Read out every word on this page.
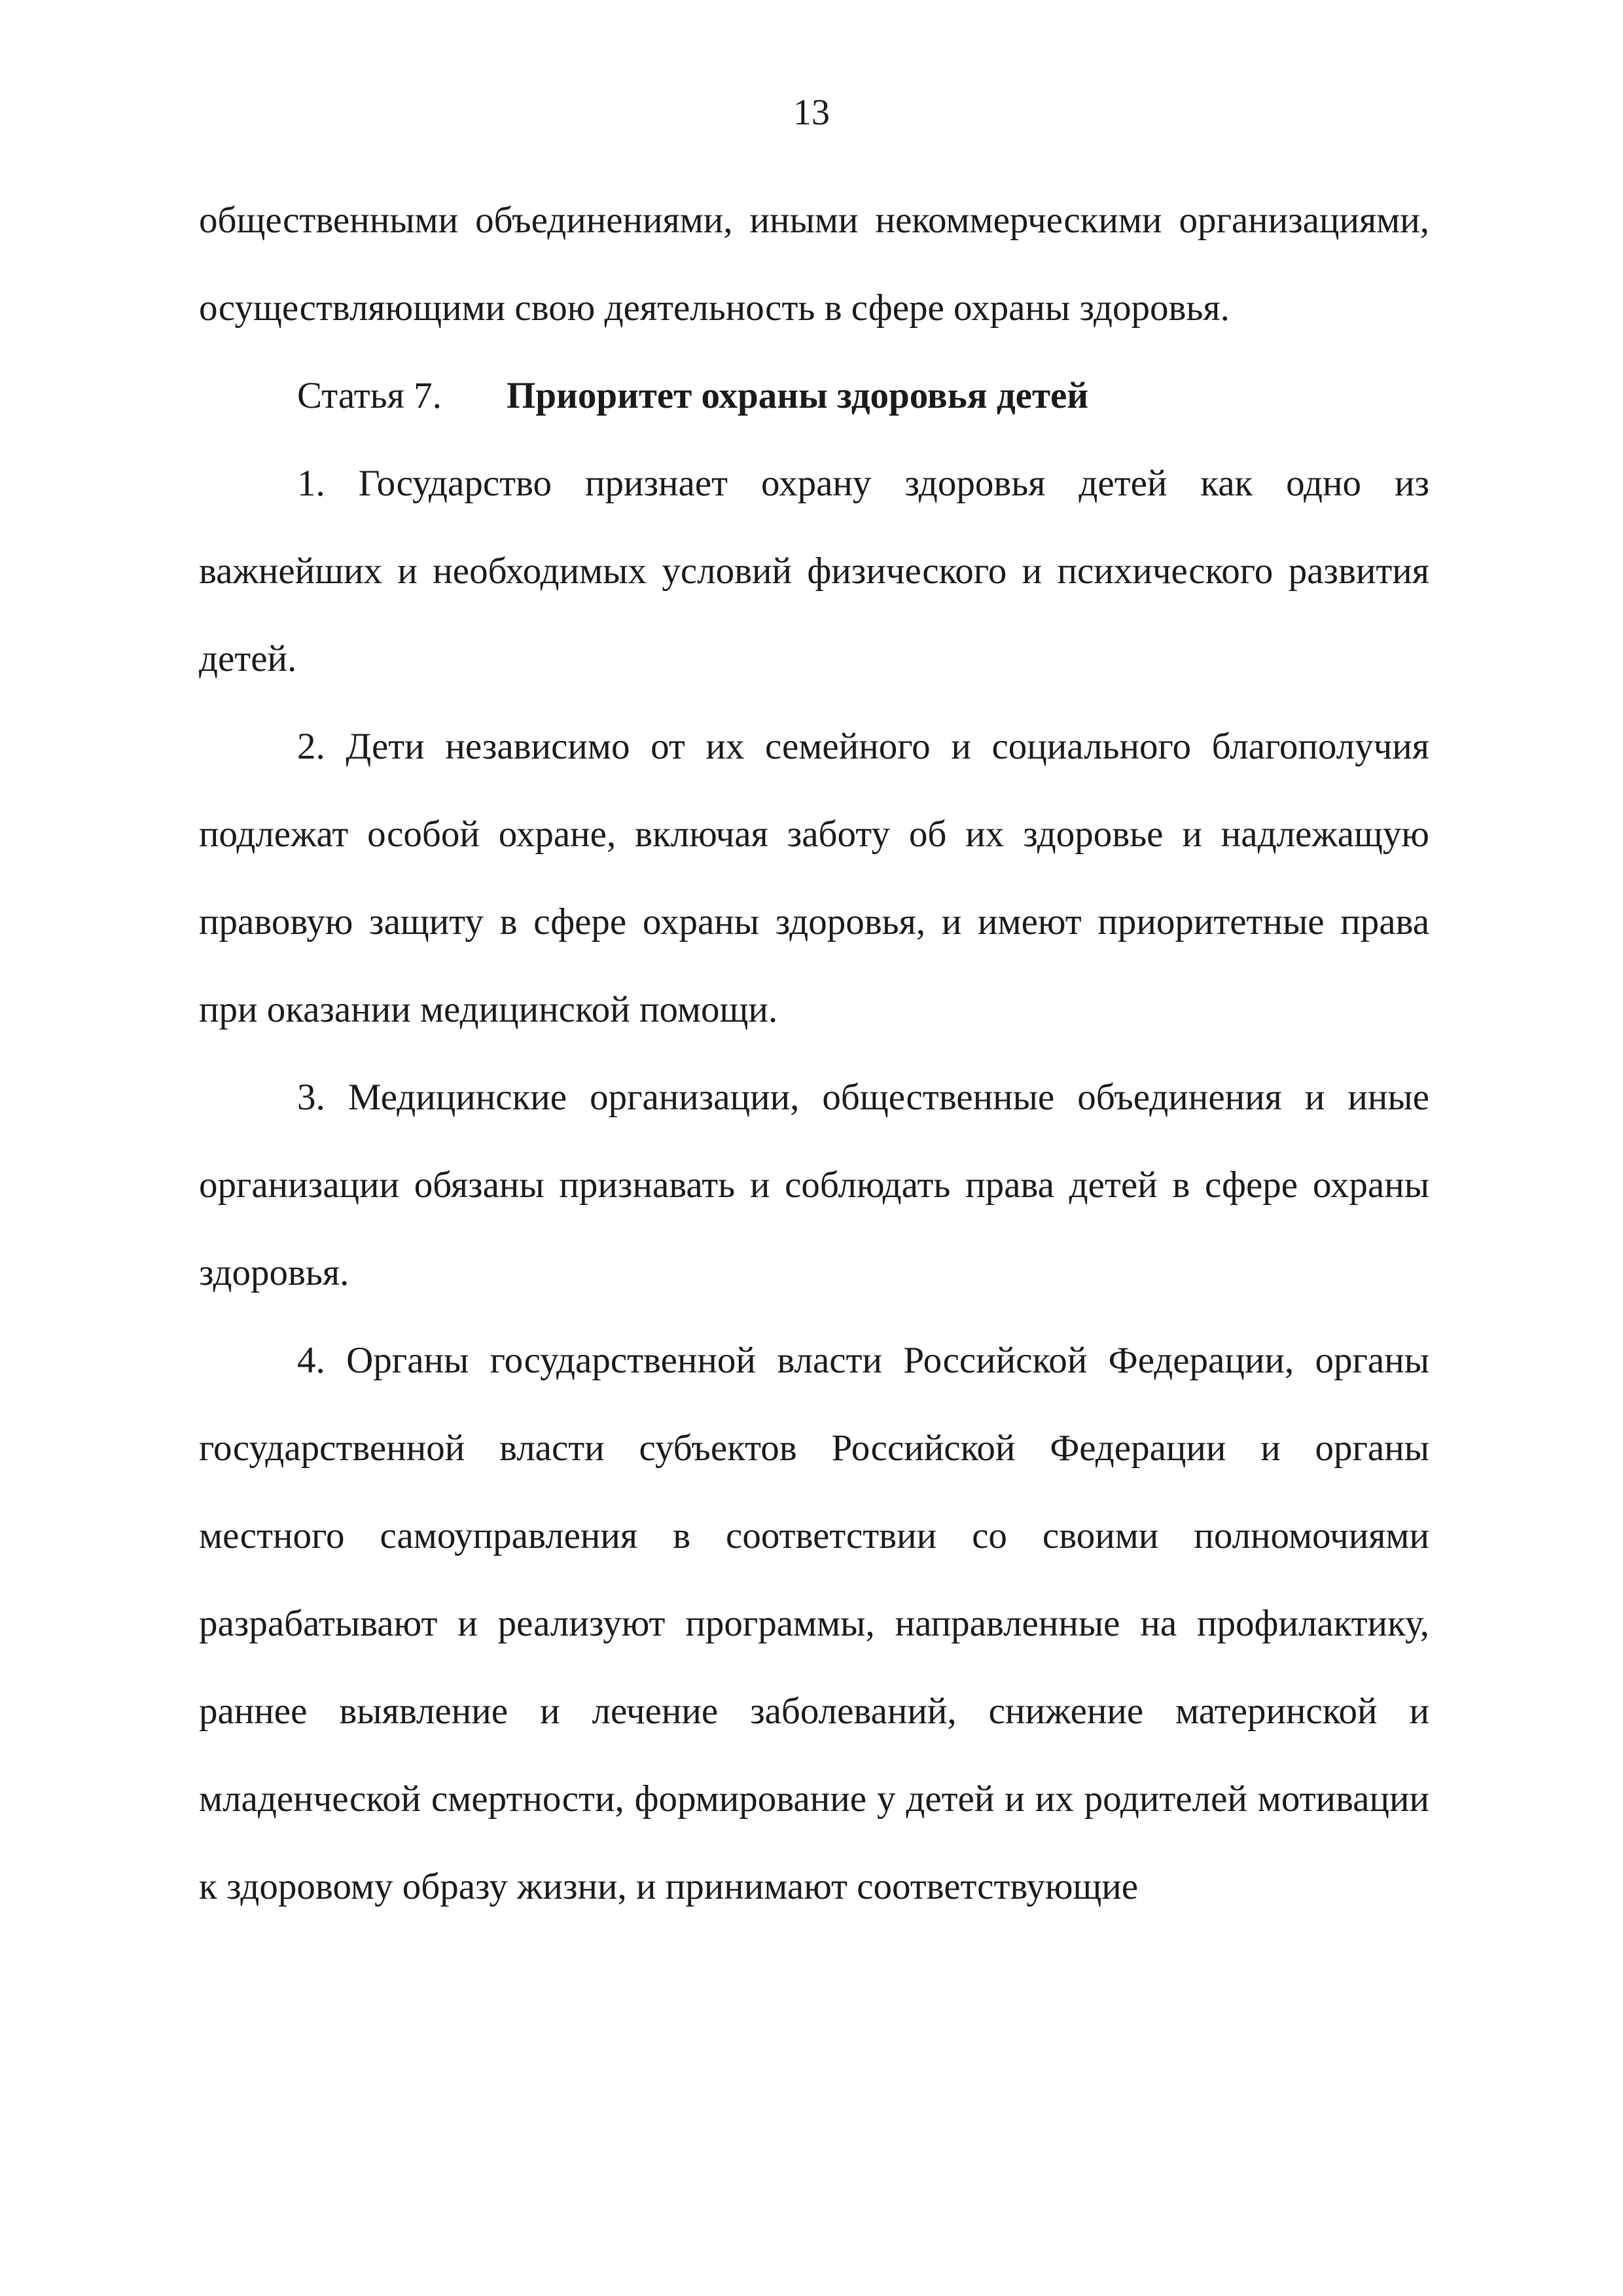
13

общественными объединениями, иными некоммерческими организациями, осуществляющими свою деятельность в сфере охраны здоровья.

Статья 7. Приоритет охраны здоровья детей

1. Государство признает охрану здоровья детей как одно из важнейших и необходимых условий физического и психического развития детей.

2. Дети независимо от их семейного и социального благополучия подлежат особой охране, включая заботу об их здоровье и надлежащую правовую защиту в сфере охраны здоровья, и имеют приоритетные права при оказании медицинской помощи.

3. Медицинские организации, общественные объединения и иные организации обязаны признавать и соблюдать права детей в сфере охраны здоровья.

4. Органы государственной власти Российской Федерации, органы государственной власти субъектов Российской Федерации и органы местного самоуправления в соответствии со своими полномочиями разрабатывают и реализуют программы, направленные на профилактику, раннее выявление и лечение заболеваний, снижение материнской и младенческой смертности, формирование у детей и их родителей мотивации к здоровому образу жизни, и принимают соответствующие
